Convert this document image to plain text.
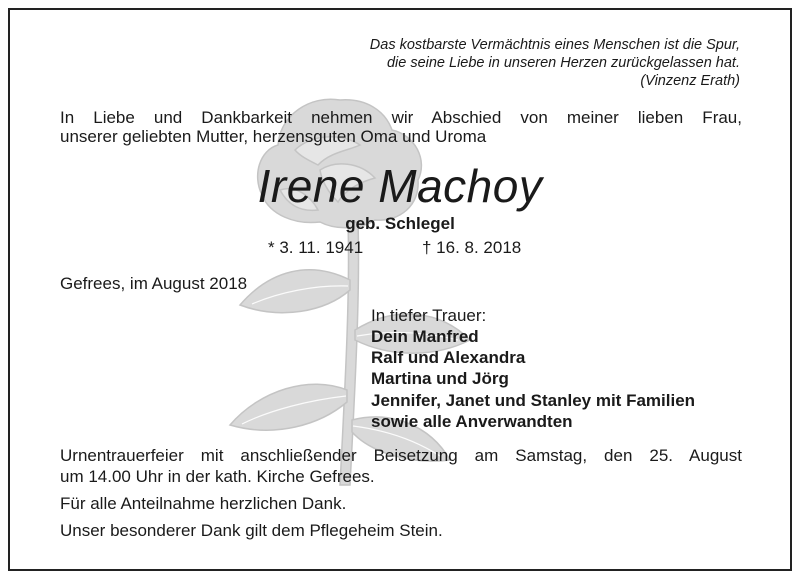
Das kostbarste Vermächtnis eines Menschen ist die Spur,
die seine Liebe in unseren Herzen zurückgelassen hat.
(Vinzenz Erath)
In Liebe und Dankbarkeit nehmen wir Abschied von meiner lieben Frau,
unserer geliebten Mutter, herzensguten Oma und Uroma
Irene Machoy
geb. Schlegel
* 3. 11. 1941	† 16. 8. 2018
Gefrees, im August 2018
In tiefer Trauer:
Dein Manfred
Ralf und Alexandra
Martina und Jörg
Jennifer, Janet und Stanley mit Familien
sowie alle Anverwandten
Urnentrauerfeier mit anschließender Beisetzung am Samstag, den 25. August
um 14.00 Uhr in der kath. Kirche Gefrees.
Für alle Anteilnahme herzlichen Dank.
Unser besonderer Dank gilt dem Pflegeheim Stein.
